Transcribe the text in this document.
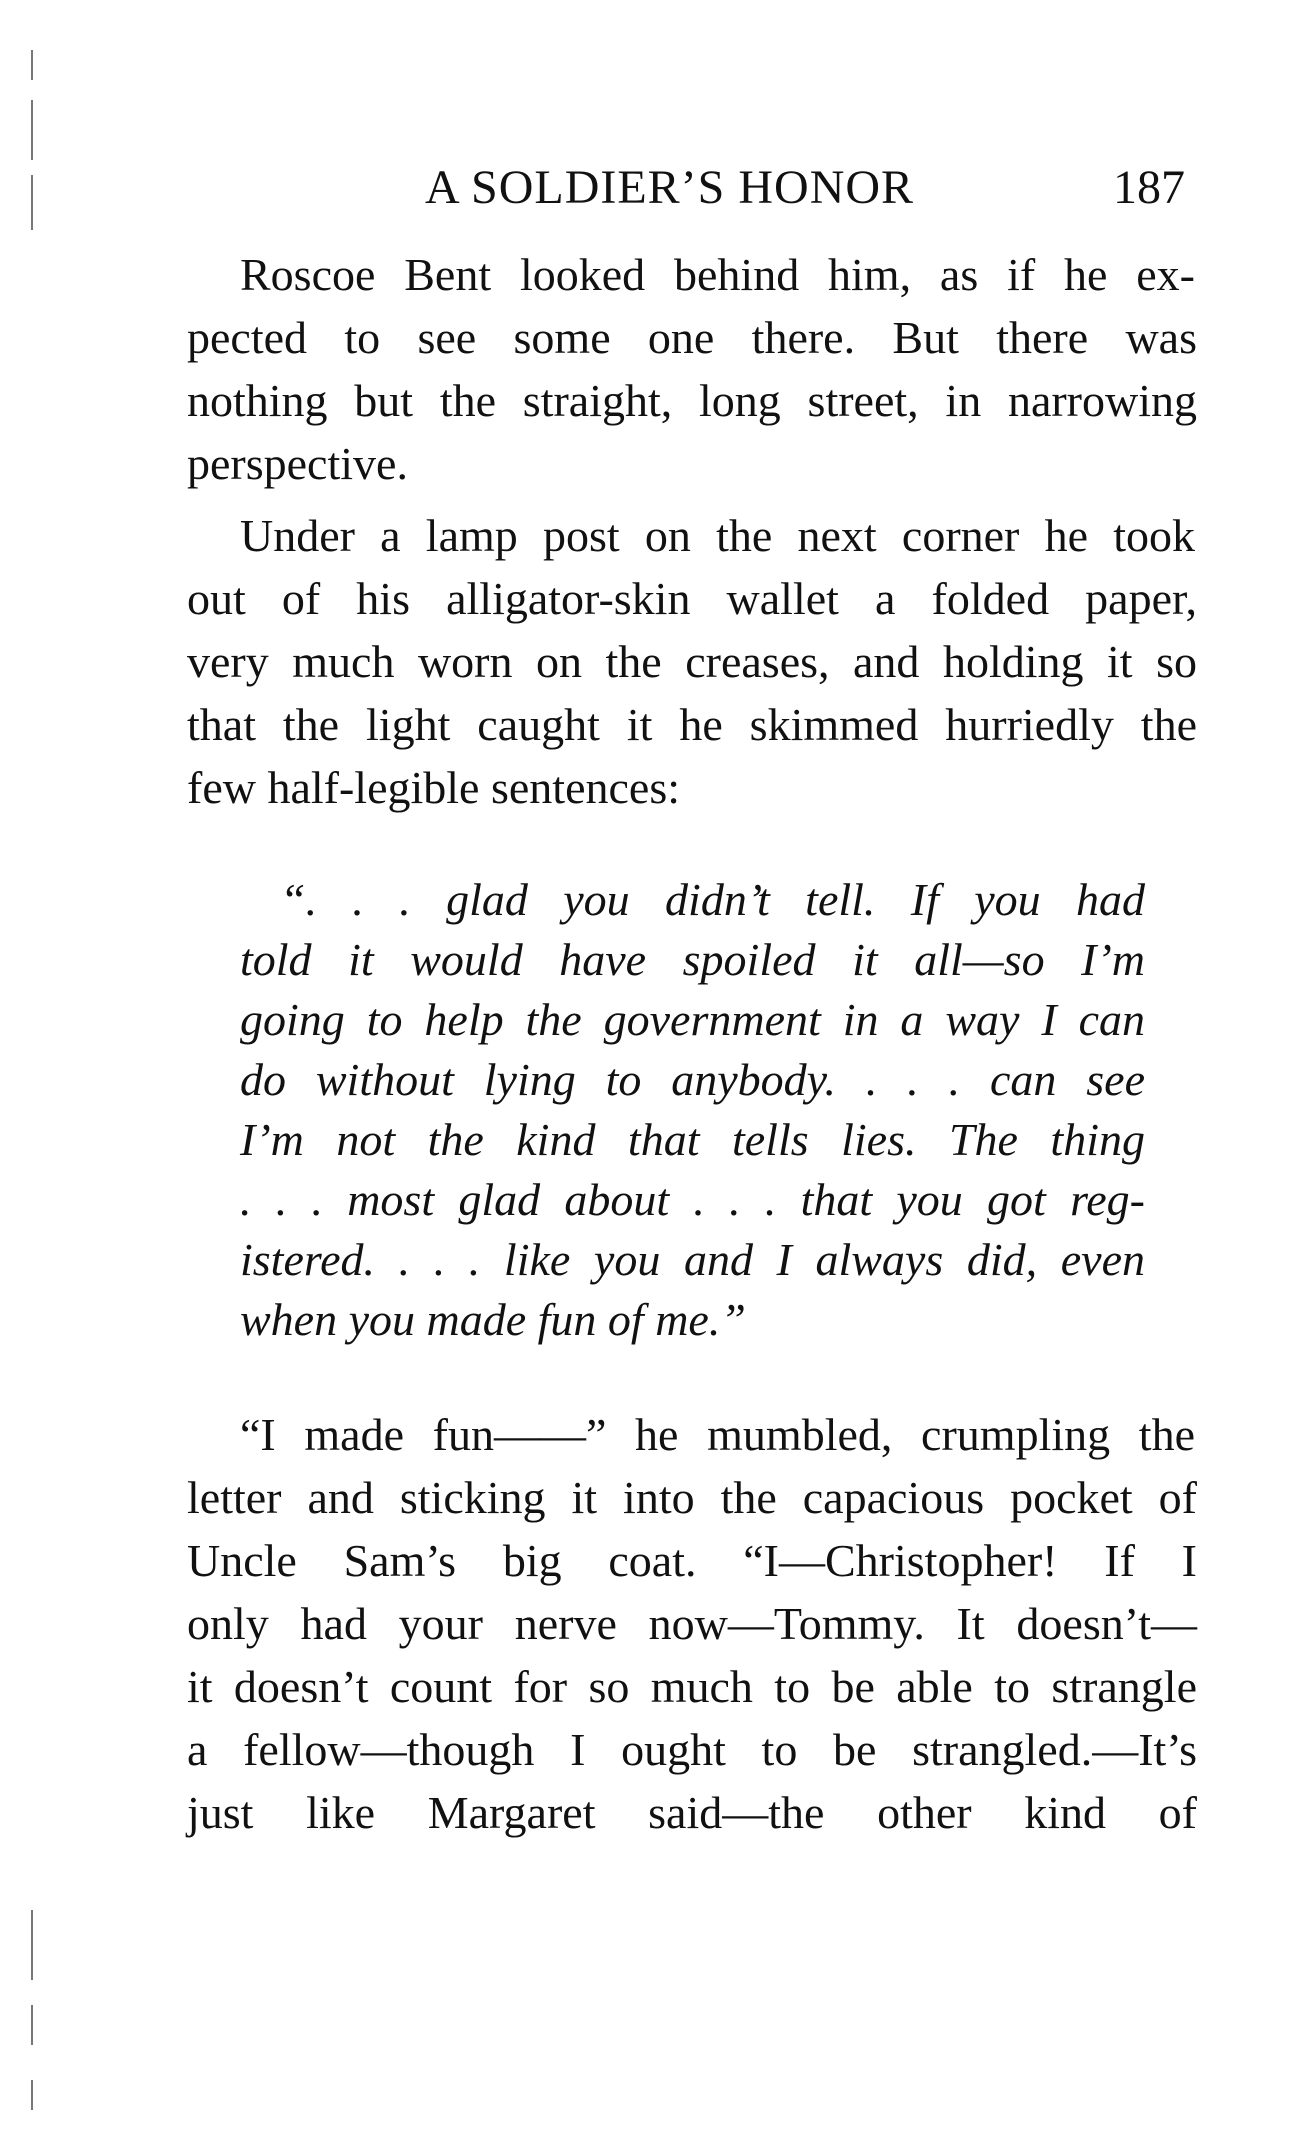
A SOLDIER’S HONOR	187
Roscoe Bent looked behind him, as if he ex-
pected to see some one there. But there was
nothing but the straight, long street, in narrowing
perspective.
Under a lamp post on the next corner he took
out of his alligator-skin wallet a folded paper,
very much worn on the creases, and holding it so
that the light caught it he skimmed hurriedly the
few half-legible sentences:
“. . . glad you didn’t tell. If you had
told it would have spoiled it all—so I’m
going to help the government in a way I can
do without lying to anybody. . . . can see
I’m not the kind that tells lies. The thing
. . . most glad about . . . that you got reg-
istered. . . . like you and I always did, even
when you made fun of me.”
“I made fun——” he mumbled, crumpling the
letter and sticking it into the capacious pocket of
Uncle Sam’s big coat. “I—Christopher! If I
only had your nerve now—Tommy. It doesn’t—
it doesn’t count for so much to be able to strangle
a fellow—though I ought to be strangled.—It’s
just like Margaret said—the other kind of
